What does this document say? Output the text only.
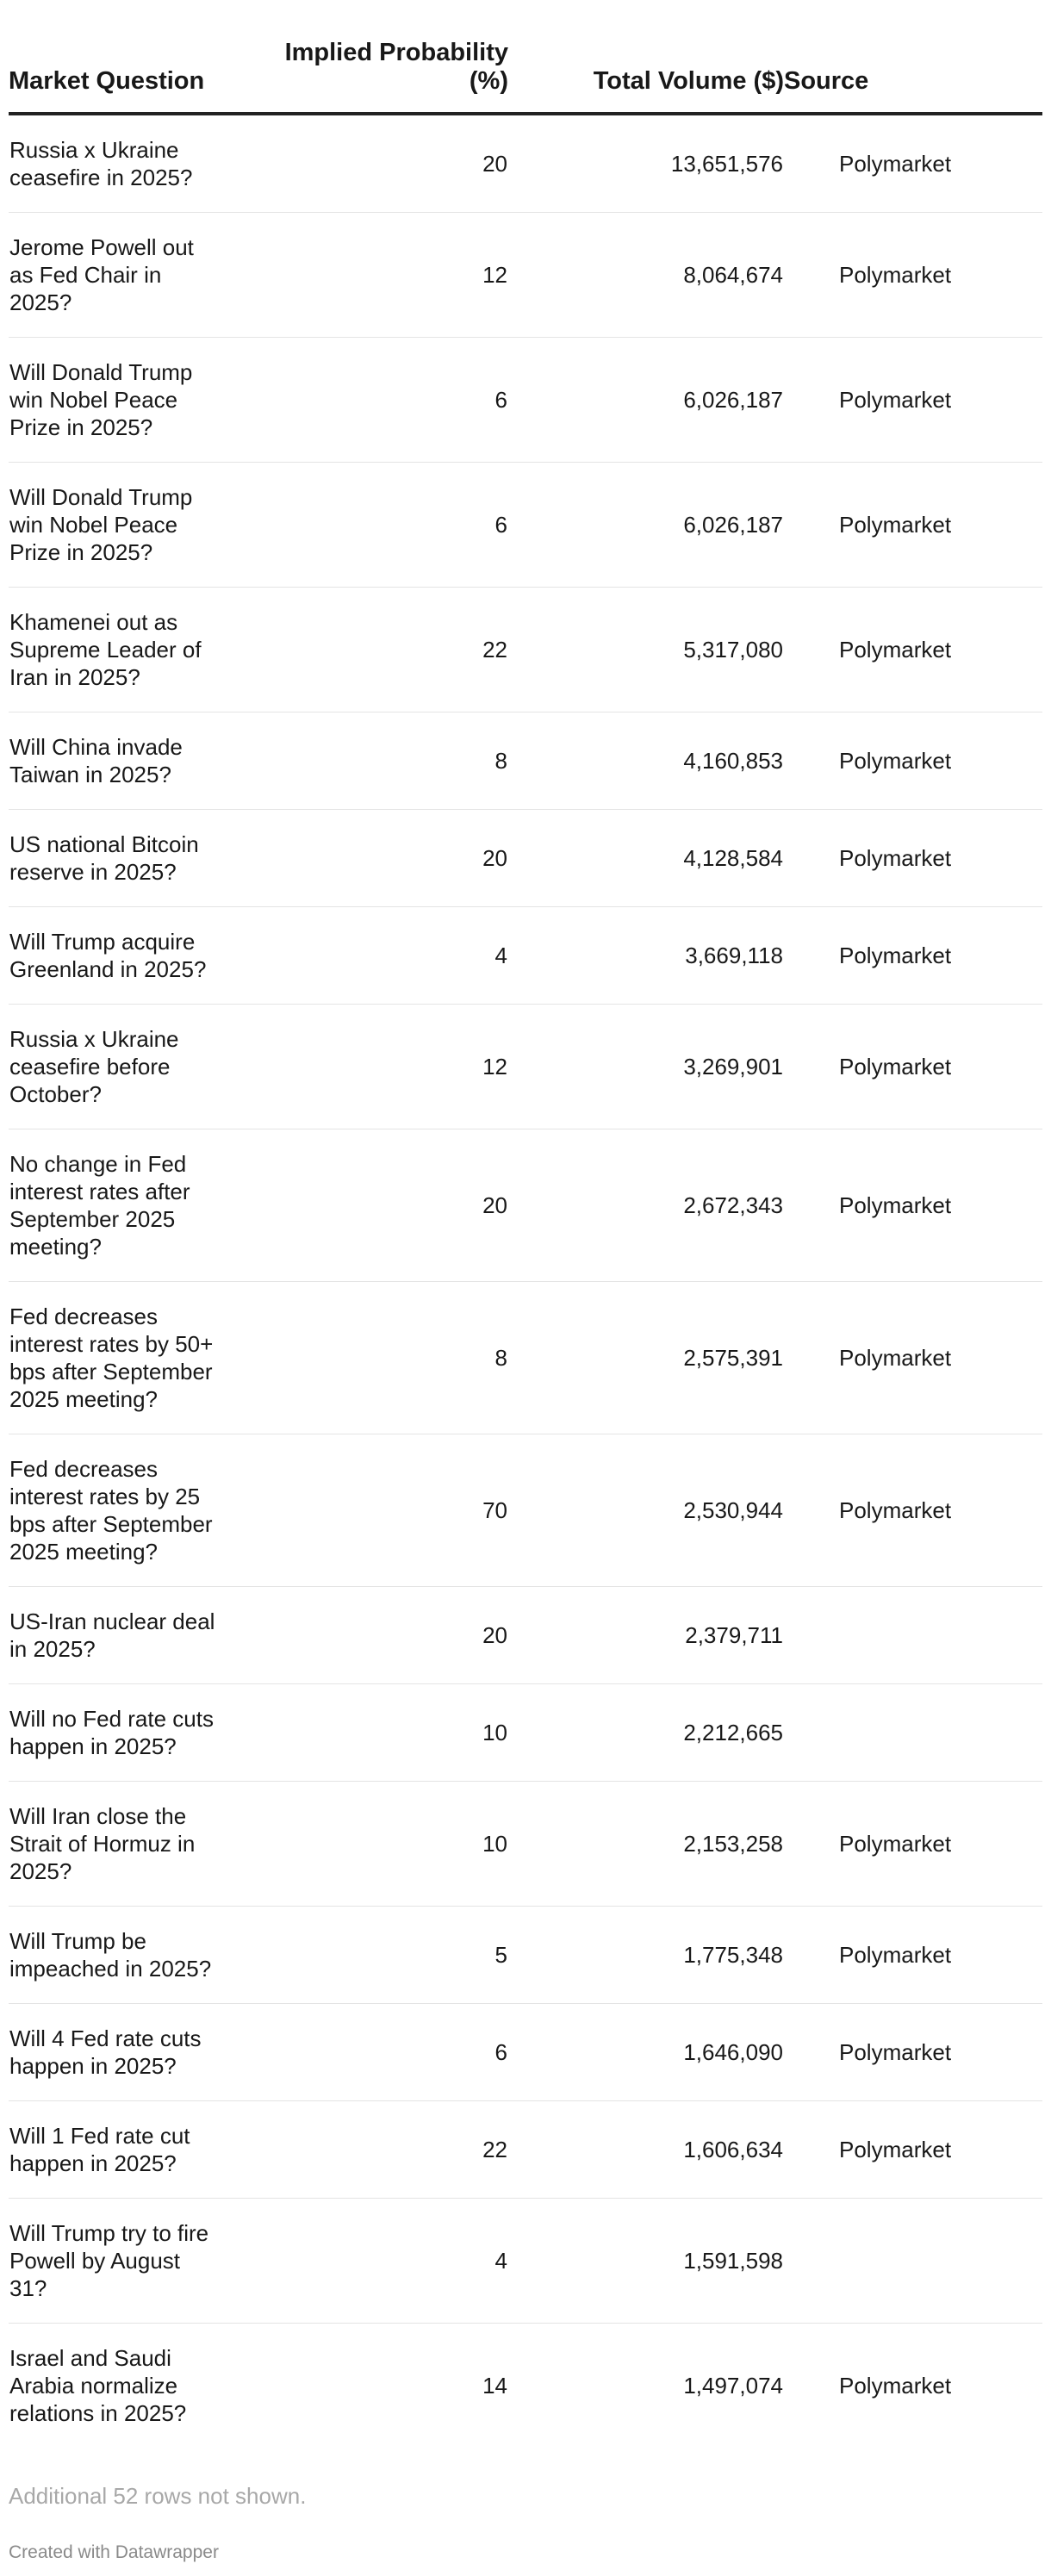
Market Question	Implied Probability (%)	Total Volume ($)	Source
Russia x Ukraine ceasefire in 2025?	20	13,651,576	Polymarket
Jerome Powell out as Fed Chair in 2025?	12	8,064,674	Polymarket
Will Donald Trump win Nobel Peace Prize in 2025?	6	6,026,187	Polymarket
Will Donald Trump win Nobel Peace Prize in 2025?	6	6,026,187	Polymarket
Khamenei out as Supreme Leader of Iran in 2025?	22	5,317,080	Polymarket
Will China invade Taiwan in 2025?	8	4,160,853	Polymarket
US national Bitcoin reserve in 2025?	20	4,128,584	Polymarket
Will Trump acquire Greenland in 2025?	4	3,669,118	Polymarket
Russia x Ukraine ceasefire before October?	12	3,269,901	Polymarket
No change in Fed interest rates after September 2025 meeting?	20	2,672,343	Polymarket
Fed decreases interest rates by 50+ bps after September 2025 meeting?	8	2,575,391	Polymarket
Fed decreases interest rates by 25 bps after September 2025 meeting?	70	2,530,944	Polymarket
US-Iran nuclear deal in 2025?	20	2,379,711	
Will no Fed rate cuts happen in 2025?	10	2,212,665	
Will Iran close the Strait of Hormuz in 2025?	10	2,153,258	Polymarket
Will Trump be impeached in 2025?	5	1,775,348	Polymarket
Will 4 Fed rate cuts happen in 2025?	6	1,646,090	Polymarket
Will 1 Fed rate cut happen in 2025?	22	1,606,634	Polymarket
Will Trump try to fire Powell by August 31?	4	1,591,598	
Israel and Saudi Arabia normalize relations in 2025?	14	1,497,074	Polymarket
Additional 52 rows not shown.
Created with Datawrapper
